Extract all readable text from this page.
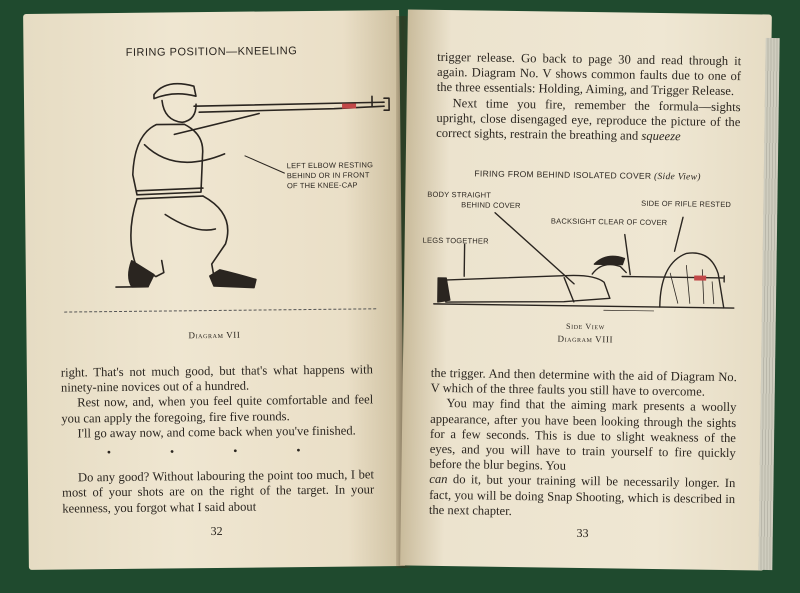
FIRING POSITION—KNEELING
LEFT ELBOW RESTING
BEHIND OR IN FRONT
OF THE KNEE-CAP
Diagram VII

right. That's not much good, but that's what happens with ninety-nine novices out of a hundred.

Rest now, and, when you feel quite comfortable and feel you can apply the foregoing, fire five rounds.

I'll go away now, and come back when you've finished.

• • • •

Do any good? Without labouring the point too much, I bet most of your shots are on the right of the target. In your keenness, you forgot what I said about

32

trigger release. Go back to page 30 and read through it again. Diagram No. V shows common faults due to one of the three essentials: Holding, Aiming, and Trigger Release.

Next time you fire, remember the formula—sights upright, close disengaged eye, reproduce the picture of the correct sights, restrain the breathing and squeeze

FIRING FROM BEHIND ISOLATED COVER (Side View)
BODY STRAIGHT
BEHIND COVER
BACKSIGHT CLEAR OF COVER
SIDE OF RIFLE RESTED
LEGS TOGETHER
Side View
Diagram VIII

the trigger. And then determine with the aid of Diagram No. V which of the three faults you still have to overcome.

You may find that the aiming mark presents a woolly appearance, after you have been looking through the sights for a few seconds. This is due to slight weakness of the eyes, and you will have to train yourself to fire quickly before the blur begins. You

can do it, but your training will be necessarily longer. In fact, you will be doing Snap Shooting, which is described in the next chapter.

33
